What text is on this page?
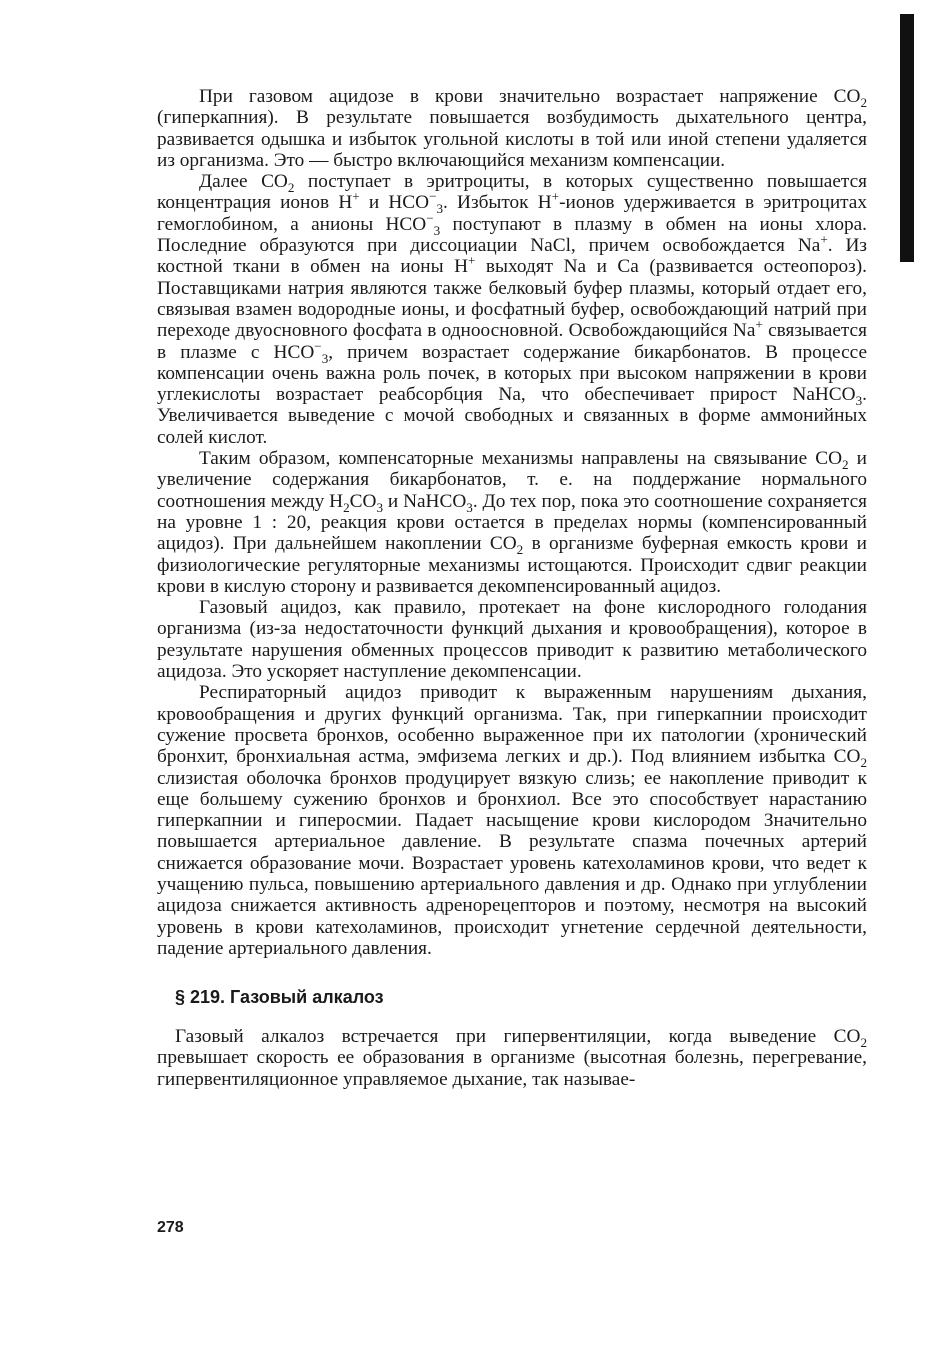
При газовом ацидозе в крови значительно возрастает напряжение $CO_2$ (гиперкапния). В результате повышается возбудимость дыхательного центра, развивается одышка и избыток угольной кислоты в той или иной степени удаляется из организма. Это — быстро включающийся механизм компенсации.

Далее $CO_2$ поступает в эритроциты, в которых существенно повышается концентрация ионов H+ и $HCO^-_3$. Избыток H+-ионов удерживается в эритроцитах гемоглобином, а анионы $HCO^-_3$ поступают в плазму в обмен на ионы хлора. Последние образуются при диссоциации NaCl, причем освобождается Na+. Из костной ткани в обмен на ионы H+ выходят Na и Ca (развивается остеопороз). Поставщиками натрия являются также белковый буфер плазмы, который отдает его, связывая взамен водородные ионы, и фосфатный буфер, освобождающий натрий при переходе двуосновного фосфата в одноосновной. Освобождающийся Na+ связывается в плазме с $HCO^-_3$, причем возрастает содержание бикарбонатов. В процессе компенсации очень важна роль почек, в которых при высоком напряжении в крови углекислоты возрастает реабсорбция Na, что обеспечивает прирост NaHCO$_3$. Увеличивается выведение с мочой свободных и связанных в форме аммонийных солей кислот.

Таким образом, компенсаторные механизмы направлены на связывание $CO_2$ и увеличение содержания бикарбонатов, т. е. на поддержание нормального соотношения между $H_2CO_3$ и NaHCO$_3$. До тех пор, пока это соотношение сохраняется на уровне 1 : 20, реакция крови остается в пределах нормы (компенсированный ацидоз). При дальнейшем накоплении $CO_2$ в организме буферная емкость крови и физиологические регуляторные механизмы истощаются. Происходит сдвиг реакции крови в кислую сторону и развивается декомпенсированный ацидоз.

Газовый ацидоз, как правило, протекает на фоне кислородного голодания организма (из-за недостаточности функций дыхания и кровообращения), которое в результате нарушения обменных процессов приводит к развитию метаболического ацидоза. Это ускоряет наступление декомпенсации.

Респираторный ацидоз приводит к выраженным нарушениям дыхания, кровообращения и других функций организма. Так, при гиперкапнии происходит сужение просвета бронхов, особенно выраженное при их патологии (хронический бронхит, бронхиальная астма, эмфизема легких и др.). Под влиянием избытка $CO_2$ слизистая оболочка бронхов продуцирует вязкую слизь; ее накопление приводит к еще большему сужению бронхов и бронхиол. Все это способствует нарастанию гиперкапнии и гиперосмии. Падает насыщение крови кислородом Значительно повышается артериальное давление. В результате спазма почечных артерий снижается образование мочи. Возрастает уровень катехоламинов крови, что ведет к учащению пульса, повышению артериального давления и др. Однако при углублении ацидоза снижается активность адренорецепторов и поэтому, несмотря на высокий уровень в крови катехоламинов, происходит угнетение сердечной деятельности, падение артериального давления.

§ 219. Газовый алкалоз

Газовый алкалоз встречается при гипервентиляции, когда выведение $CO_2$ превышает скорость ее образования в организме (высотная болезнь, перегревание, гипервентиляционное управляемое дыхание, так называе-

278
